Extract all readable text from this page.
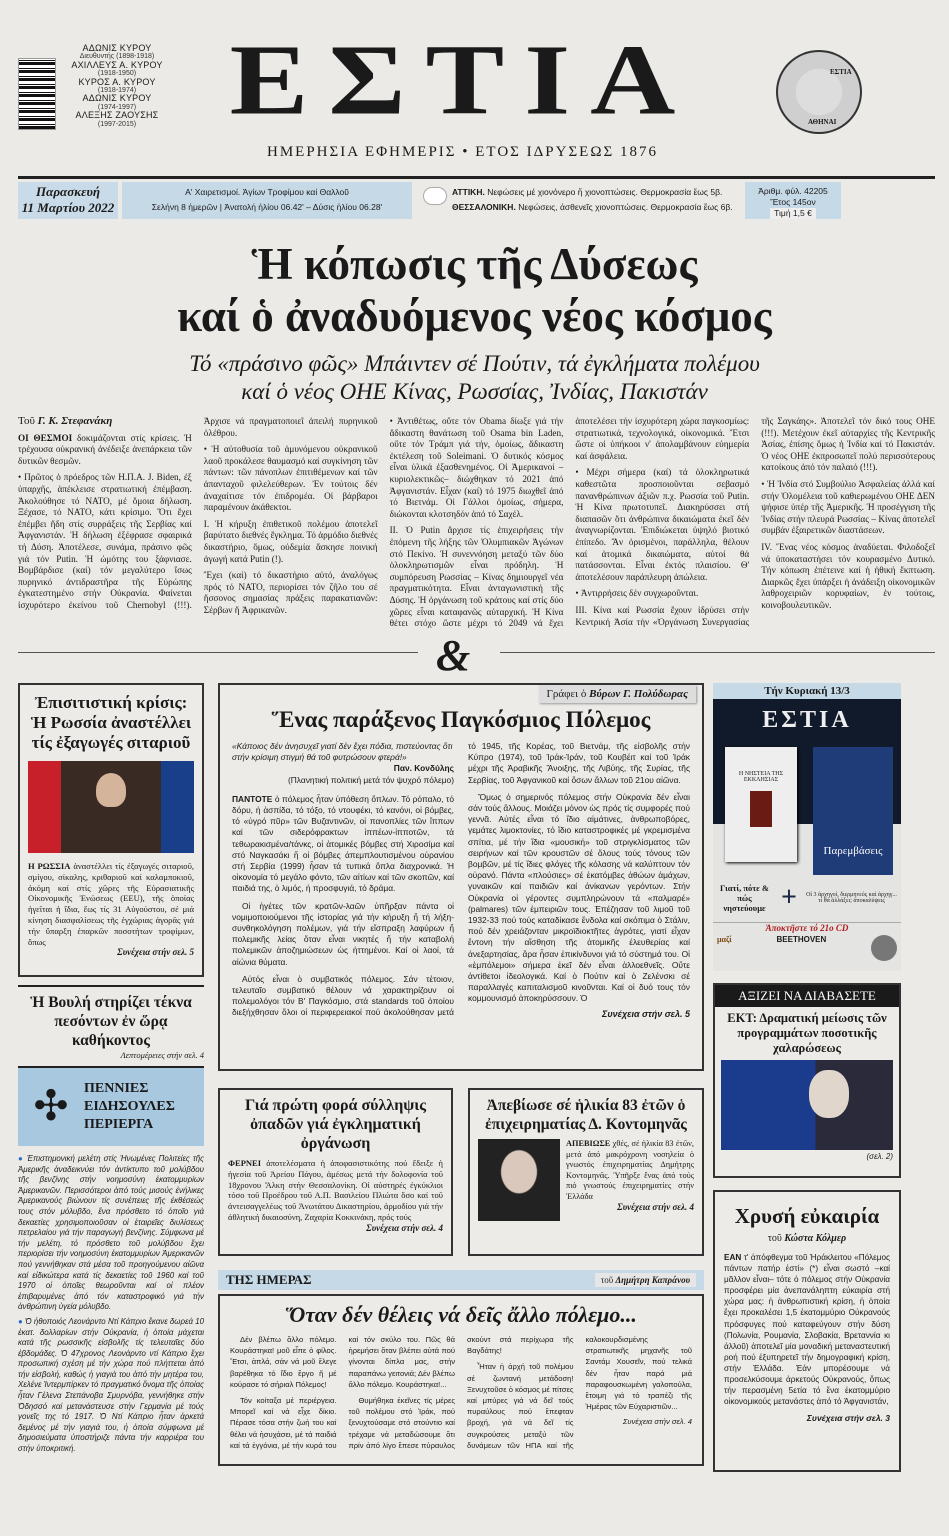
ΑΔΩΝΙΣ ΚΥΡΟΥ
Διευθυντής (1898-1918)
ΑΧΙΛΛΕΥΣ Α. ΚΥΡΟΥ
(1918-1950)
ΚΥΡΟΣ Α. ΚΥΡΟΥ
(1918-1974)
ΑΔΩΝΙΣ ΚΥΡΟΥ
(1974-1997)
ΑΛΕΞΗΣ ΖΑΟΥΣΗΣ
(1997-2015) ΕΣΤΙΑ
ΗΜΕΡΗΣΙΑ ΕΦΗΜΕΡΙΣ • ΕΤΟΣ ΙΔΡΥΣΕΩΣ 1876
ΕΣΤΙΑ
ΑΘΗΝΑΙ
Παρασκευή
11 Μαρτίου 2022
Α' Χαιρετισμοί. Ἁγίων Τροφίμου καί Θαλλοῦ
Σελήνη 8 ἡμερῶν | Ἀνατολή ἡλίου 06.42' – Δύσις ἡλίου 06.28'
ΑΤΤΙΚΗ. Νεφώσεις μέ χιονόνερο ἤ χιονοπτώσεις. Θερμοκρασία ἕως 5β.
ΘΕΣΣΑΛΟΝΙΚΗ. Νεφώσεις, ἀσθενεῖς χιονοπτώσεις. Θερμοκρασία ἕως 6β.
Ἀριθμ. φύλ. 42205
Ἔτος 145ον
Τιμή 1,5 €
Ἡ κόπωσις τῆς Δύσεως
καί ὁ ἀναδυόμενος νέος κόσμος
Τό «πράσινο φῶς» Μπάιντεν σέ Πούτιν, τά ἐγκλήματα πολέμου
καί ὁ νέος ΟΗΕ Κίνας, Ρωσσίας, Ἰνδίας, Πακιστάν
Τοῦ Γ. Κ. Στεφανάκη

ΟΙ ΘΕΣΜΟΙ δοκιμάζονται στίς κρίσεις. Ἡ τρέχουσα οὐκρανική ἀνέδειξε ἀνεπάρκεια τῶν δυτικῶν θεσμῶν.

• Πρῶτος ὁ πρόεδρος τῶν Η.Π.Α. J. Biden, ἐξ ὑπαρχῆς, ἀπέκλεισε στρατιωτική ἐπέμβαση. Ἀκολούθησε τό ΝΑΤΟ, μέ ὅμοια δήλωση. Ξέχασε, τό ΝΑΤΟ, κάτι κρίσιμο. Ὅτι ἔχει ἐπέμβει ἤδη στίς συρράξεις τῆς Σερβίας καί Ἀφγανιστάν. Ἡ δήλωση ἐξέφρασε σφαιρικά τή Δύση. Ἀποτέλεσε, συνάμα, πράσινο φῶς γιά τόν Putin. Ἡ ὠμότης του ξάφνιασε. Βομβάρδισε (καί) τόν μεγαλύτερο ἴσως πυρηνικό ἀντιδραστῆρα τῆς Εὐρώπης ἐγκατεστημένο στήν Οὐκρανία. Φαίνεται ἰσχυρότερο ἐκείνου τοῦ Chernobyl (!!!). Ἀρχισε νά πραγματοποιεῖ ἀπειλή πυρηνικοῦ ὀλέθρου.

• Ἡ αὐτοθυσία τοῦ ἀμυνόμενου οὐκρανικοῦ λαοῦ προκάλεσε θαυμασμό καί συγκίνηση τῶν πάντων: τῶν πάνοπλων ἐπιτιθέμενων καί τῶν ἁπανταχοῦ φιλελεύθερων. Ἐν τούτοις δέν ἀναχαίτισε τόν ἐπιδρομέα. Οἱ βάρβαροι παραμένουν ἀκάθεκτοι.

Ι. Ἡ κήρυξη ἐπιθετικοῦ πολέμου ἀποτελεῖ βαρύτατο διεθνές ἔγκλημα. Τό ἁρμόδιο διεθνές δικαστήριο, ὅμως, οὐδεμία ἄσκησε ποινική ἀγωγή κατά Putin (!).

Ἔχει (καί) τό δικαστήριο αὐτό, ἀναλόγως πρός τό ΝΑΤΟ, περιορίσει τόν ζῆλο του σέ ἥσσονος σημασίας πράξεις παρακατιανῶν: Σέρβων ἤ Ἀφρικανῶν.

• Ἀντιθέτως, οὔτε τόν Obama δίωξε γιά τήν ἄδικαστη θανάτωση τοῦ Osama bin Laden, οὔτε τόν Τράμπ γιά τήν, ὁμοίως, ἄδικαστη ἐκτέλεση τοῦ Soleimani. Ὁ δυτικός κόσμος εἶναι ὑλικά ἐξασθενημένος. Οἱ Ἀμερικανοί –κυριολεκτικῶς– διώχθηκαν τό 2021 ἀπό Ἀφγανιστάν. Εἶχαν (καί) τό 1975 διωχθεῖ ἀπό τό Βιετνάμ. Οἱ Γάλλοι ὁμοίως, σήμερα, διώκονται κλοτσηδόν ἀπό τό Σαχέλ.

ΙΙ. Ὁ Putin ἄρχισε τίς ἐπιχειρήσεις τήν ἐπόμενη τῆς λήξης τῶν Ὀλυμπιακῶν Ἀγώνων στό Πεκίνο. Ἡ συνεννόηση μεταξύ τῶν δύο ὁλοκληρωτισμῶν εἶναι πρόδηλη. Ἡ συμπόρευση Ρωσσίας – Κίνας δημιουργεῖ νέα πραγματικότητα. Εἶναι ἀνταγωνιστική τῆς Δύσης. Ἡ ὀργάνωση τοῦ κράτους καί στίς δύο χῶρες εἶναι καταφανῶς αὐταρχική. Ἡ Κίνα θέτει στόχο ὥστε μέχρι τό 2049 νά ἔχει ἀποτελέσει τήν ἰσχυρότερη χώρα παγκοσμίως: στρατιωτικά, τεχνολογικά, οἰκονομικά. Ἔτσι ὥστε οἱ ὑπήκοοι ν' ἀπολαμβάνουν εὐημερία καί ἀσφάλεια.

• Μέχρι σήμερα (καί) τά ὁλοκληρωτικά καθεστῶτα προσποιοῦνται σεβασμό πανανθρώπινων ἀξιῶν π.χ. Ρωσσία τοῦ Putin. Ἡ Κίνα πρωτοτυπεῖ. Διακηρύσσει στή διαπασῶν ὅτι ἀνθρώπινα δικαιώματα ἐκεῖ δέν ἀναγνωρίζονται. Ἐπιδιώκεται ὑψηλό βιοτικό ἐπίπεδο. Ἄν ὁρισμένοι, παράλληλα, θέλουν καί ἀτομικά δικαιώματα, αὐτοί θά πατάσσονται. Εἶναι ἐκτός πλαισίου. Θ' ἀποτελέσουν παράπλευρη ἀπώλεια.

• Ἀντιρρήσεις δέν συγχωροῦνται.

ΙΙΙ. Κίνα καί Ρωσσία ἔχουν ἱδρύσει στήν Κεντρική Ἀσία τήν «Ὀργάνωση Συνεργασίας τῆς Σαγκάης». Ἀποτελεῖ τόν δικό τους ΟΗΕ (!!!). Μετέχουν ἐκεῖ αὐταρχίες τῆς Κεντρικῆς Ἀσίας, ἐπίσης ὅμως ἡ Ἰνδία καί τό Πακιστάν. Ὁ νέος ΟΗΕ ἐκπροσωπεῖ πολύ περισσότερους κατοίκους ἀπό τόν παλαιό (!!!).

• Ἡ Ἰνδία στό Συμβούλιο Ἀσφαλείας ἀλλά καί στήν Ὁλομέλεια τοῦ καθιερωμένου ΟΗΕ ΔΕΝ ψήφισε ὑπέρ τῆς Ἀμερικῆς. Ἡ προσέγγιση τῆς Ἰνδίας στήν πλευρά Ρωσσίας – Κίνας ἀποτελεῖ συμβάν ἐξαιρετικῶν διαστάσεων.

IV. Ἕνας νέος κόσμος ἀναδύεται. Φιλοδοξεῖ νά ὑποκαταστήσει τόν κουρασμένο Δυτικό. Τήν κόπωση ἐπέτεινε καί ἡ ἠθική ἔκπτωση. Διαρκῶς ἔχει ὑπάρξει ἡ ἀνάδειξη οἰκονομικῶν λαθροχειριῶν κορυφαίων, ἐν τούτοις, κοινοβουλευτικῶν.

&
Ἐπισιτιστική κρίσις: Ἡ Ρωσσία ἀναστέλλει τίς ἐξαγωγές σιταριοῦ
Η ΡΩΣΣΙΑ ἀναστέλλει τίς ἐξαγωγές σιταριοῦ, σμίγου, σίκαλης, κριθαριοῦ καί καλαμποκιοῦ, ἀκόμη καί στίς χῶρες τῆς Εὐρασιατικῆς Οἰκονομικῆς Ἑνώσεως (EEU), τῆς ὁποίας ἡγεῖται ἡ ἴδια, ἕως τίς 31 Αὐγούστου, σέ μιά κίνηση διασφαλίσεως τῆς ἐγχώριας ἀγορᾶς γιά τήν ὕπαρξη ἐπαρκῶν ποσοτήτων τροφίμων, ὅπως
Συνέχεια στήν σελ. 5
Ἡ Βουλή στηρίζει τέκνα πεσόντων ἐν ὥρᾳ καθήκοντος
Λεπτομέρειες στήν σελ. 4
Γράφει ὁ Βύρων Γ. Πολύδωρας
Ἕνας παράξενος Παγκόσμιος Πόλεμος
«Κάποιος δέν ἀνησυχεῖ γιατί δέν ἔχει πόδια, πιστεύοντας ὅτι στήν κρίσιμη στιγμή θά τοῦ φυτρώσουν φτερά!»
Παν. Κονδύλης
(Πλανητική πολιτική μετά τόν ψυχρό πόλεμο)

ΠΑΝΤΟΤΕ ὁ πόλεμος ἦταν ὑπόθεση ὅπλων. Τό ρόπαλο, τό δόρυ, ἡ ἀσπίδα, τό τόξο, τό ντουφέκι, τό κανόνι, οἱ βόμβες, τό «ὑγρό πῦρ» τῶν Βυζαντινῶν, οἱ πανοπλίες τῶν ἵππων καί τῶν σιδερόφρακτων ἱππέων-ἱπποτῶν, τά τεθωρακισμένα/τάνκς, οἱ ἀτομικές βόμβες στή Χιροσίμα καί στό Ναγκασάκι ἤ οἱ βόμβες ἀπεμπλουτισμένου οὐρανίου στή Σερβία (1999) ἦσαν τά τυπικά ὅπλα διαχρονικά. Ἡ οἰκονομία τό μεγάλο φόντο, τῶν αἰτίων καί τῶν σκοπῶν, καί παιδιά της, ὁ λιμός, ἡ προσφυγιά, τό δράμα.

Οἱ ἡγέτες τῶν κρατῶν-λαῶν ὑπῆρξαν πάντα οἱ νομιμοποιούμενοι τῆς ἱστορίας γιά τήν κήρυξη ἤ τή λήξη-συνθηκολόγηση πολέμων, γιά τήν εἴσπραξη λαφύρων ἤ πολεμικῆς λείας ὅταν εἶναι νικητές ἤ τήν καταβολή πολεμικῶν ἀποζημιώσεων ὡς ἡττημένοι. Καί οἱ λαοί, τά αἰώνια θύματα.

Αὐτός εἶναι ὁ συμβατικός πόλεμος. Σάν τέτοιον, τελευταῖο συμβατικό θέλουν νά χαρακτηρίζουν οἱ πολεμολόγοι τόν Β' Παγκόσμιο, στά standards τοῦ ὁποίου διεξήχθησαν ὅλοι οἱ περιφερειακοί πού ἀκολούθησαν μετά τό 1945, τῆς Κορέας, τοῦ Βιετνάμ, τῆς εἰσβολῆς στήν Κύπρο (1974), τοῦ Ἰράκ-Ἰράν, τοῦ Κουβέιτ καί τοῦ Ἰράκ μέχρι τῆς Ἀραβικῆς Ἄνοιξης, τῆς Λιβύης, τῆς Συρίας, τῆς Σερβίας, τοῦ Ἀφγανικοῦ καί ὅσων ἄλλων τοῦ 21ου αἰῶνα.

Ὅμως ὁ σημερινός πόλεμος στήν Οὐκρανία δέν εἶναι σάν τούς ἄλλους. Μοιάζει μόνον ὡς πρός τίς συμφορές πού γεννᾶ. Αὐτές εἶναι τό ἴδιο αἱμάτινες, ἀνθρωποβόρες, γεμάτες λιμοκτονίες, τό ἴδιο καταστροφικές μέ γκρεμισμένα σπίτια, μέ τήν ἴδια «μουσική» τοῦ στριγκλίσματος τῶν σειρήνων καί τῶν κρουστῶν σέ ὅλους τούς τόνους τῶν βομβῶν, μέ τίς ἴδιες φλόγες τῆς κόλασης νά καλύπτουν τόν οὐρανό. Πάντα «πλούσιες» σέ ἑκατόμβες ἀθώων ἀμάχων, γυναικῶν καί παιδιῶν καί ἀνίκανων γερόντων. Στήν Οὐκρανία οἱ γέροντες συμπληρώνουν τά «παλμαρέ» (palmares) τῶν ἐμπειριῶν τους. Ἐπέζησαν τοῦ λιμοῦ τοῦ 1932-33 πού τούς καταδίκασε ἔνδολα καί σκόπιμα ὁ Στάλιν, πού δέν χρειάζονταν μικροϊδιοκτῆτες ἀγρότες, γιατί εἶχαν ἔντονη τήν αἴσθηση τῆς ἀτομικῆς ἐλευθερίας καί ἀνεξαρτησίας, ἄρα ἦσαν ἐπικίνδυνοι γιά τό σύστημά του. Οἱ «ἐμπόλεμοι» σήμερα ἐκεῖ δέν εἶναι ἀλλοεθνεῖς. Οὔτε ἀντίθετοι ἰδεολογικά. Καί ὁ Πούτιν καί ὁ Ζελένσκι σέ παραλλαγές καπιταλισμοῦ κινοῦνται. Καί οἱ δυό τους τόν κομμουνισμό ἀποκηρύσσουν. Ὁ

Συνέχεια στήν σελ. 5
Τήν Κυριακή 13/3
ΕΣΤΙΑ
Η ΝΗΣΤΕΙΑ ΤΗΣ ΕΚΚΛΗΣΙΑΣ
Παρεμβάσεις
Γιατί, πότε & πώς νηστεύουμε +	Οἱ 3 ἀρχηγοί, διερμηνεύς καί ἀρχηγ... τί θά ἀλλάξει; ἀποκαλύψεις
Ἀποκτῆστε τό 21ο CD
μαζί	BEETHOVEN
ΑΞΙΖΕΙ ΝΑ ΔΙΑΒΑΣΕΤΕ
ΕΚΤ: Δραματική μείωσις τῶν προγραμμάτων ποσοτικῆς χαλαρώσεως
(σελ. 2)
✣	ΠΕΝΝΙΕΣ
ΕΙΔΗΣΟΥΛΕΣ
ΠΕΡΙΕΡΓΑ

● Ἐπιστημονική μελέτη στίς Ἡνωμένες Πολιτείες τῆς Ἀμερικῆς ἀναδεικνύει τόν ἀντίκτυπο τοῦ μολύβδου τῆς βενζίνης στήν νοημοσύνη ἑκατομμυρίων Ἀμερικανῶν. Περισσότεροι ἀπό τούς μισούς ἐνήλικες Ἀμερικανούς βιώνουν τίς συνέπειες τῆς ἐκθέσεώς τους στόν μόλυβδο, ἕνα πρόσθετο τό ὁποῖο γιά δεκαετίες χρησιμοποιοῦσαν οἱ ἑταιρεῖες διυλίσεως πετρελαίου γιά τήν παραγωγή βενζίνης. Σύμφωνα μέ τήν μελέτη, τό πρόσθετο τοῦ μολύβδου ἔχει περιορίσει τήν νοημοσύνη ἑκατομμυρίων Ἀμερικανῶν πού γεννήθηκαν στά μέσα τοῦ προηγούμενου αἰῶνα καί εἰδικώτερα κατά τίς δεκαετίες τοῦ 1960 καί τοῦ 1970 οἱ ὁποῖες θεωροῦνται καί οἱ πλέον ἐπιβαρυμένες ἀπό τόν καταστροφικό γιά τήν ἀνθρώπινη ὑγεία μόλυβδο.

● Ὁ ἠθοποιός Λεονάρντο Ντί Κάπριο ἔκανε δωρεά 10 ἑκατ. δολλαρίων στήν Οὐκρανία, ἡ ὁποία μάχεται κατά τῆς ρωσσικῆς εἰσβολῆς τίς τελευταῖες δύο ἑβδομάδες. Ὁ 47χρονος Λεονάρντο ντί Κάπριο ἔχει προσωπική σχέση μέ τήν χώρα πού πλήττεται ἀπό τήν εἰσβολή, καθώς ἡ γιαγιά του ἀπό τήν μητέρα του, Χελένε Ἰντερμπίρκεν τό πραγματικό ὄνομα τῆς ὁποίας ἦταν Γέλενα Στεπάνοβα Σμυρνόβα, γεννήθηκε στήν Ὀδησσό καί μετανάστευσε στήν Γερμανία μέ τούς γονεῖς της τό 1917. Ὁ Ντί Κάπριο ἦταν ἀρκετά δεμένος μέ τήν γιαγιά του, ἡ ὁποία σύμφωνα μέ δημοσιεύματα ὑποστήριζε πάντα τήν καρριέρα του στήν ὑποκριτική.

Γιά πρώτη φορά σύλληψις ὀπαδῶν γιά ἐγκληματική ὀργάνωση
ΦΕΡΝΕΙ ἀποτελέσματα ἡ ἀποφασιστικότης πού ἔδειξε ἡ ἡγεσία τοῦ Ἀρείου Πάγου, ἀμέσως μετά τήν δολοφονία τοῦ 18χρονου Ἄλκη στήν Θεσσαλονίκη. Οἱ αὐστηρές ἐγκύκλιοι τόσο τοῦ Προέδρου τοῦ Α.Π. Βασιλείου Πλιώτα ὅσο καί τοῦ ἀντεισαγγελέως τοῦ Ἀνωτάτου Δικαστηρίου, ἁρμοδίου γιά τήν ἀθλητική δικαιοσύνη, Ζαχαρία Κοκκινάκη, πρός τούς
Συνέχεια στήν σελ. 4
Ἀπεβίωσε σέ ἡλικία 83 ἐτῶν ὁ ἐπιχειρηματίας Δ. Κοντομηνᾶς
ΑΠΕΒΙΩΣΕ χθές, σέ ἡλικία 83 ἐτῶν, μετά ἀπό μακρόχρονη νοσηλεία ὁ γνωστός ἐπιχειρηματίας Δημήτρης Κοντομηνᾶς. Ὑπῆρξε ἕνας ἀπό τούς πιό γνωστούς ἐπιχειρηματίες στήν Ἑλλάδα
Συνέχεια στήν σελ. 4
ΤΗΣ ΗΜΕΡΑΣ	τοῦ Δημήτρη Καπράνου
Ὅταν δέν θέλεις νά δεῖς ἄλλο πόλεμο...

Δέν βλέπω ἄλλο πόλεμο. Κουράστηκα! μοῦ εἶπε ὁ φίλος. Ἔτσι, ἁπλά, σάν νά μοῦ ἔλεγε βαρέθηκα τό ἴδιο ἔργο ἤ μέ κούρασε τό σήριαλ Πόλεμος!

Τόν κοίταξα μέ περιέργεια. Μπορεῖ καί νά εἶχε δίκιο. Πέρασε τόσα στήν ζωή του καί θέλει νά ἡσυχάσει, μέ τά παιδιά καί τά ἐγγόνια, μέ τήν κυρά του καί τόν σκύλο του. Πῶς θά ἠρεμήσει ὅταν βλέπει αὐτά πού γίνονται δίπλα μας, στήν παραπάνω γειτονιά; Δέν βλέπω ἄλλο πόλεμο. Κουράστηκα!...

Θυμήθηκα ἐκεῖνες τίς μέρες τοῦ πολέμου στό Ἰράκ, πού ξενυχτούσαμε στό στούντιο καί τρέχαμε νά μεταδώσουμε ὅτι πρίν ἀπό λίγο ἔπεσε πύραυλος σκούντ στά περίχωρα τῆς Βαγδάτης!

Ἦταν ἡ ἀρχή τοῦ πολέμου σέ ζωντανή μετάδοση! Ξενυχτοῦσε ὁ κόσμος μέ πίτσες καί μπύρες γιά νά δεῖ τούς πυραύλους πού ἔπεφταν βροχή, γιά νά δεῖ τίς συγκρούσεις μεταξύ τῶν δυνάμεων τῶν ΗΠΑ καί τῆς καλοκουρδισμένης στρατιωτικῆς μηχανῆς τοῦ Σαντάμ Χουσεΐν, πού τελικά δέν ἦταν παρά μιά παραφουσκωμένη γαλοπούλα, ἕτοιμη γιά τό τραπέζι τῆς Ἡμέρας τῶν Εὐχαριστιῶν...

Συνέχεια στήν σελ. 4
Χρυσή εὐκαιρία
τοῦ Κώστα Κόλμερ
ΕΑΝ τ' ἀπόφθεγμα τοῦ Ἡράκλειτου «Πόλεμος πάντων πατήρ ἐστί» (*) εἶναι σωστό –καί μᾶλλον εἶναι– τότε ὁ πόλεμος στήν Οὐκρανία προσφέρει μία ἀνεπανάληπτη εὐκαιρία στή χώρα μας: ἡ ἀνθρωπιστική κρίση, ἡ ὁποία ἔχει προκαλέσει 1,5 ἑκατομμύριο Οὐκρανούς πρόσφυγες πού καταφεύγουν στήν δύση (Πολωνία, Ρουμανία, Σλοβακία, Βρεταννία κι ἀλλοῦ) ἀποτελεῖ μία μοναδική μεταναστευτική ροή πού ἐξυπηρετεῖ τήν δημογραφική κρίση, στήν Ἑλλάδα. Ἐάν μπορέσουμε νά προσελκύσουμε ἀρκετούς Οὐκρανούς, ὅπως τήν περασμένη 5ετία τό ἕνα ἑκατομμύριο οἰκονομικούς μετανάστες ἀπό τό Ἀφγανιστάν,
Συνέχεια στήν σελ. 3
